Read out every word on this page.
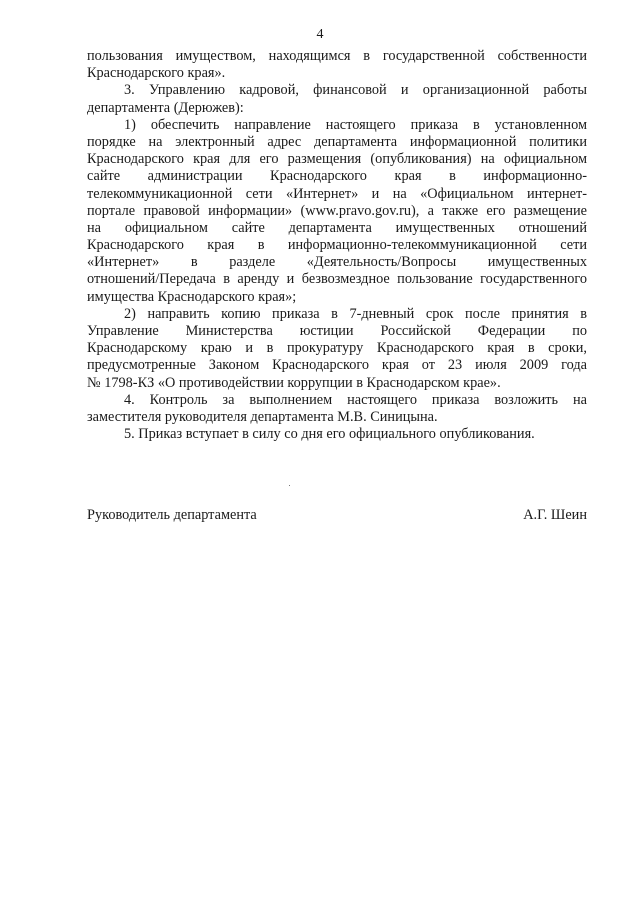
4
пользования имуществом, находящимся в государственной собственности
Краснодарского края».
3. Управлению кадровой, финансовой и организационной работы
департамента (Дерюжев):
1) обеспечить направление настоящего приказа в установленном
порядке на электронный адрес департамента информационной политики
Краснодарского края для его размещения (опубликования) на официальном
сайте администрации Краснодарского края в информационно-
телекоммуникационной сети «Интернет» и на «Официальном интернет-
портале правовой информации» (www.pravo.gov.ru), а также его размещение
на официальном сайте департамента имущественных отношений
Краснодарского края в информационно-телекоммуникационной сети
«Интернет» в разделе «Деятельность/Вопросы имущественных
отношений/Передача в аренду и безвозмездное пользование государственного
имущества Краснодарского края»;
2) направить копию приказа в 7-дневный срок после принятия в
Управление Министерства юстиции Российской Федерации по
Краснодарскому краю и в прокуратуру Краснодарского края в сроки,
предусмотренные Законом Краснодарского края от 23 июля 2009 года
№ 1798-КЗ «О противодействии коррупции в Краснодарском крае».
4. Контроль за выполнением настоящего приказа возложить на
заместителя руководителя департамента М.В. Синицына.
5. Приказ вступает в силу со дня его официального опубликования.
Руководитель департамента	А.Г. Шеин
